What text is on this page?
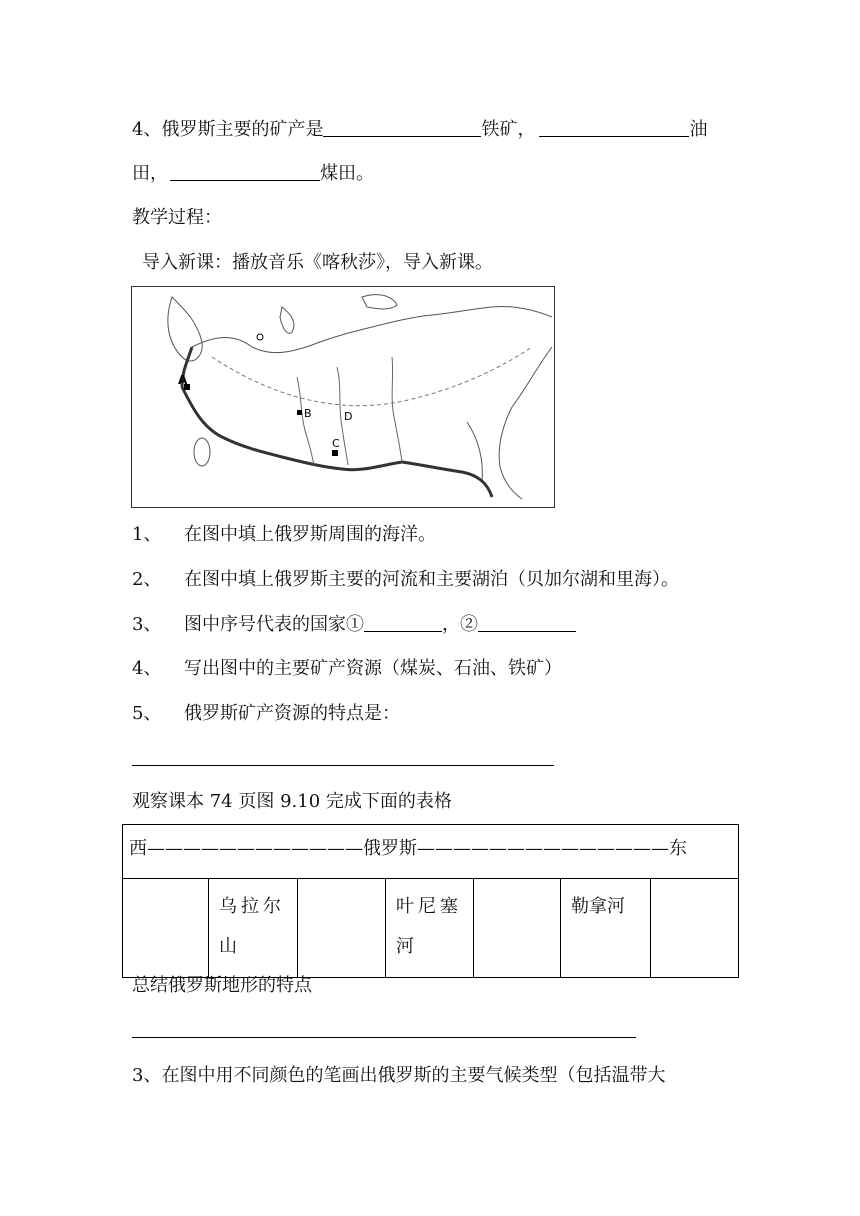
4、俄罗斯主要的矿产是	铁矿，	油
田，	煤田。
教学过程：
导入新课：播放音乐《喀秋莎》，导入新课。
A
B
C
D
1、 在图中填上俄罗斯周围的海洋。
2、 在图中填上俄罗斯主要的河流和主要湖泊（贝加尔湖和里海）。
3、 图中序号代表的国家①	，②
4、 写出图中的主要矿产资源（煤炭、石油、铁矿）
5、 俄罗斯矿产资源的特点是：
观察课本 74 页图 9.10 完成下面的表格
西————————————俄罗斯——————————————东
	乌拉尔山		叶尼塞河		勒拿河	
总结俄罗斯地形的特点
3、在图中用不同颜色的笔画出俄罗斯的主要气候类型（包括温带大
